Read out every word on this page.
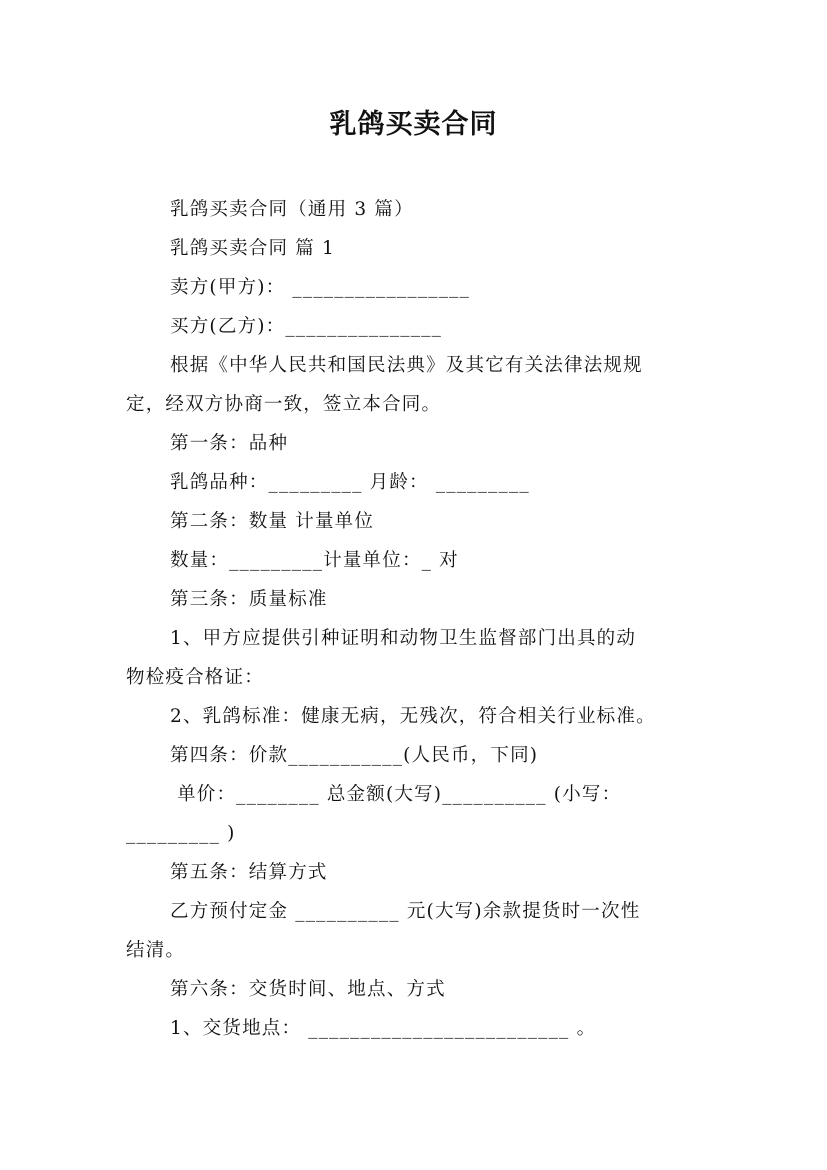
乳鸽买卖合同
乳鸽买卖合同（通用 3 篇）
乳鸽买卖合同 篇 1
卖方(甲方)： _________________
买方(乙方)：_______________
根据《中华人民共和国民法典》及其它有关法律法规规
定，经双方协商一致，签立本合同。
第一条：品种
乳鸽品种：_________ 月龄： _________
第二条：数量 计量单位
数量：_________计量单位：_ 对
第三条：质量标准
1、甲方应提供引种证明和动物卫生监督部门出具的动
物检疫合格证：
2、乳鸽标准：健康无病，无残次，符合相关行业标准。
第四条：价款___________(人民币，下同)
单价：________ 总金额(大写)__________ (小写：
_________ )
第五条：结算方式
乙方预付定金 __________ 元(大写)余款提货时一次性
结清。
第六条：交货时间、地点、方式
1、交货地点： _________________________ 。
